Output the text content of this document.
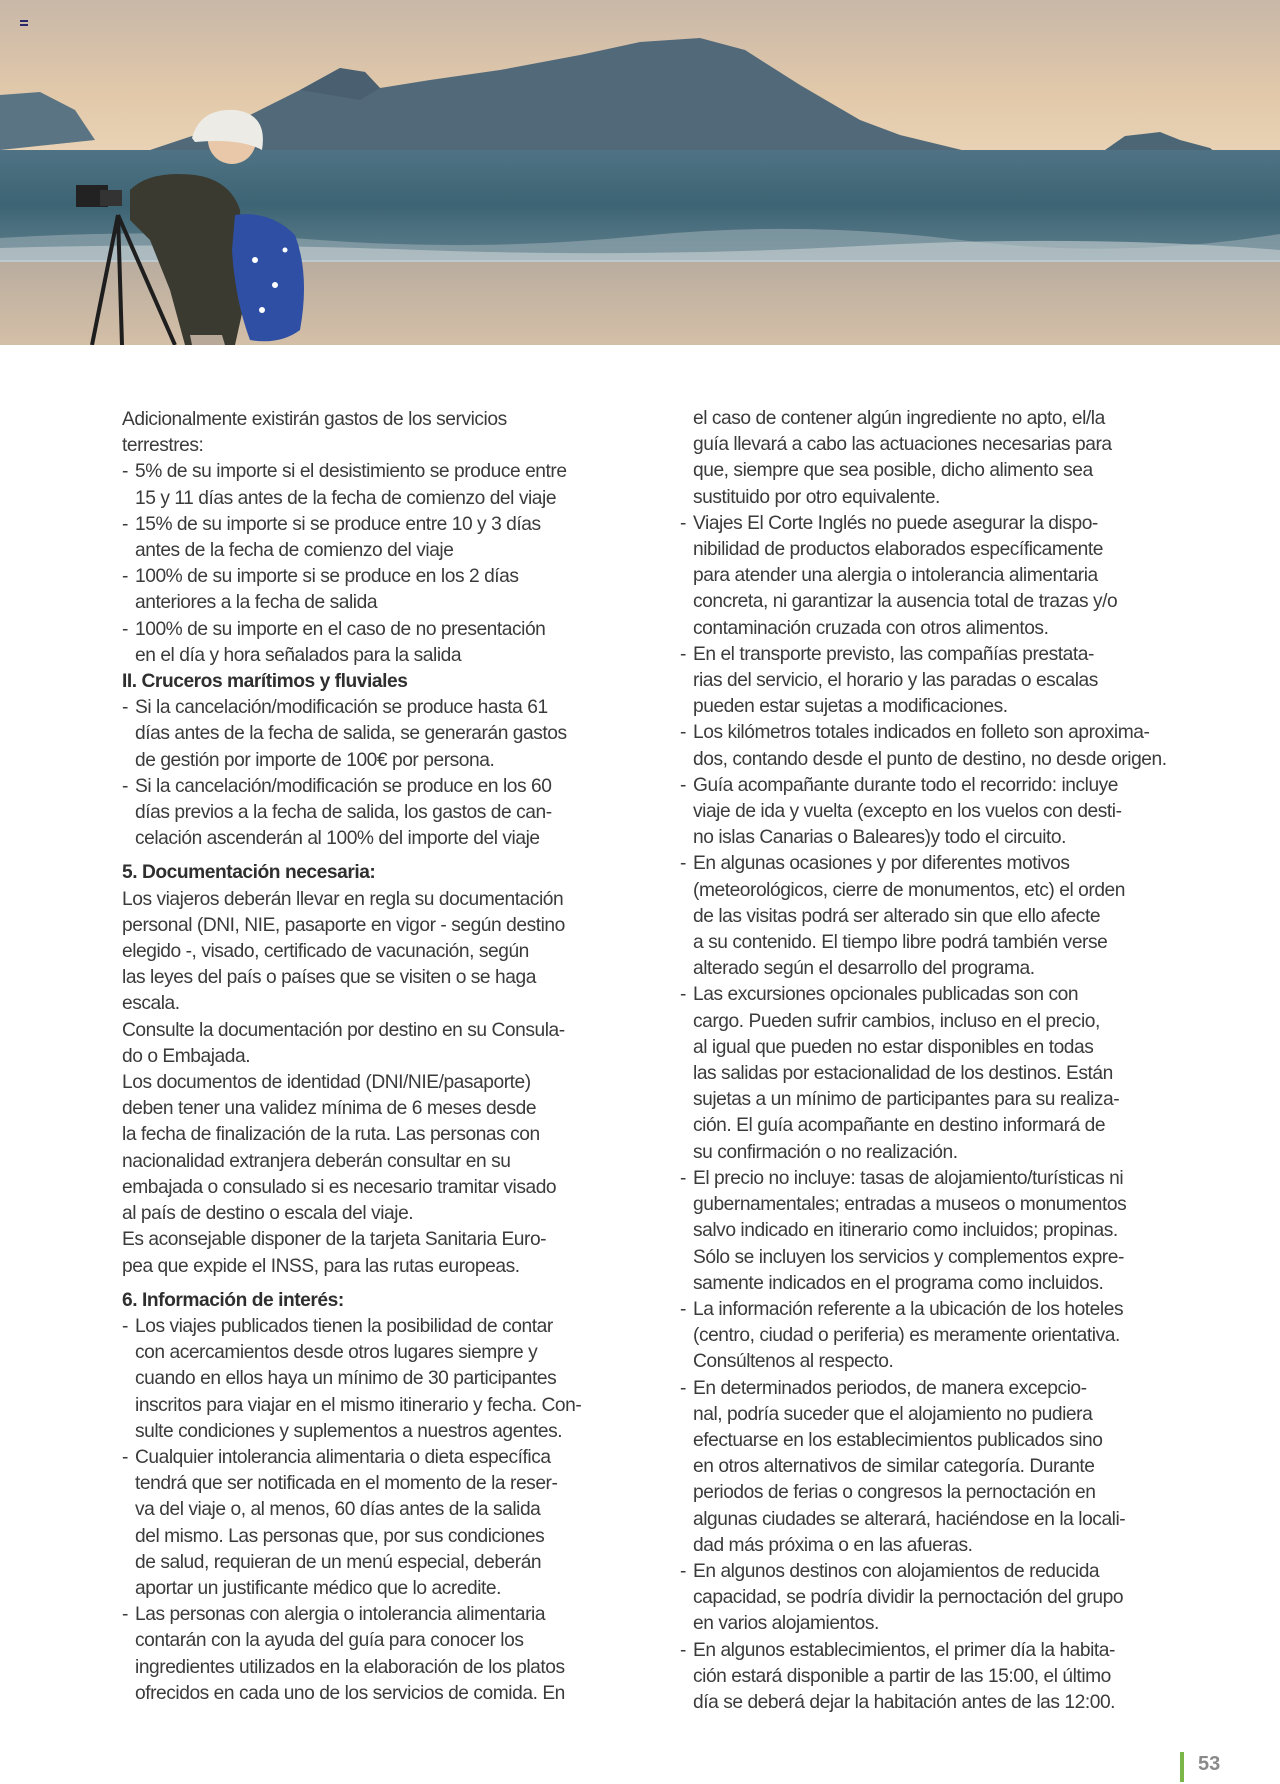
Adicionalmente existirán gastos de los servicios
terrestres:

- 5% de su importe si el desistimiento se produce entre
15 y 11 días antes de la fecha de comienzo del viaje
- 15% de su importe si se produce entre 10 y 3 días
antes de la fecha de comienzo del viaje
- 100% de su importe si se produce en los 2 días
anteriores a la fecha de salida
- 100% de su importe en el caso de no presentación
en el día y hora señalados para la salida
II. Cruceros marítimos y fluviales
- Si la cancelación/modificación se produce hasta 61
días antes de la fecha de salida, se generarán gastos
de gestión por importe de 100€ por persona.
- Si la cancelación/modificación se produce en los 60
días previos a la fecha de salida, los gastos de can-
celación ascenderán al 100% del importe del viaje
5. Documentación necesaria:

Los viajeros deberán llevar en regla su documentación
personal (DNI, NIE, pasaporte en vigor - según destino
elegido -, visado, certificado de vacunación, según
las leyes del país o países que se visiten o se haga
escala.

Consulte la documentación por destino en su Consula-
do o Embajada.

Los documentos de identidad (DNI/NIE/pasaporte)
deben tener una validez mínima de 6 meses desde
la fecha de finalización de la ruta. Las personas con
nacionalidad extranjera deberán consultar en su
embajada o consulado si es necesario tramitar visado
al país de destino o escala del viaje.

Es aconsejable disponer de la tarjeta Sanitaria Euro-
pea que expide el INSS, para las rutas europeas.

6. Información de interés:
- Los viajes publicados tienen la posibilidad de contar
con acercamientos desde otros lugares siempre y
cuando en ellos haya un mínimo de 30 participantes
inscritos para viajar en el mismo itinerario y fecha. Con-
sulte condiciones y suplementos a nuestros agentes.
- Cualquier intolerancia alimentaria o dieta específica
tendrá que ser notificada en el momento de la reser-
va del viaje o, al menos, 60 días antes de la salida
del mismo. Las personas que, por sus condiciones
de salud, requieran de un menú especial, deberán
aportar un justificante médico que lo acredite.
- Las personas con alergia o intolerancia alimentaria
contarán con la ayuda del guía para conocer los
ingredientes utilizados en la elaboración de los platos
ofrecidos en cada uno de los servicios de comida. En

el caso de contener algún ingrediente no apto, el/la
guía llevará a cabo las actuaciones necesarias para
que, siempre que sea posible, dicho alimento sea
sustituido por otro equivalente.

- Viajes El Corte Inglés no puede asegurar la dispo-
nibilidad de productos elaborados específicamente
para atender una alergia o intolerancia alimentaria
concreta, ni garantizar la ausencia total de trazas y/o
contaminación cruzada con otros alimentos.
- En el transporte previsto, las compañías prestata-
rias del servicio, el horario y las paradas o escalas
pueden estar sujetas a modificaciones.
- Los kilómetros totales indicados en folleto son aproxima-
dos, contando desde el punto de destino, no desde origen.
- Guía acompañante durante todo el recorrido: incluye
viaje de ida y vuelta (excepto en los vuelos con desti-
no islas Canarias o Baleares)y todo el circuito.
- En algunas ocasiones y por diferentes motivos
(meteorológicos, cierre de monumentos, etc) el orden
de las visitas podrá ser alterado sin que ello afecte
a su contenido. El tiempo libre podrá también verse
alterado según el desarrollo del programa.
- Las excursiones opcionales publicadas son con
cargo. Pueden sufrir cambios, incluso en el precio,
al igual que pueden no estar disponibles en todas
las salidas por estacionalidad de los destinos. Están
sujetas a un mínimo de participantes para su realiza-
ción. El guía acompañante en destino informará de
su confirmación o no realización.
- El precio no incluye: tasas de alojamiento/turísticas ni
gubernamentales; entradas a museos o monumentos
salvo indicado en itinerario como incluidos; propinas.
Sólo se incluyen los servicios y complementos expre-
samente indicados en el programa como incluidos.
- La información referente a la ubicación de los hoteles
(centro, ciudad o periferia) es meramente orientativa.
Consúltenos al respecto.
- En determinados periodos, de manera excepcio-
nal, podría suceder que el alojamiento no pudiera
efectuarse en los establecimientos publicados sino
en otros alternativos de similar categoría. Durante
periodos de ferias o congresos la pernoctación en
algunas ciudades se alterará, haciéndose en la locali-
dad más próxima o en las afueras.
- En algunos destinos con alojamientos de reducida
capacidad, se podría dividir la pernoctación del grupo
en varios alojamientos.
- En algunos establecimientos, el primer día la habita-
ción estará disponible a partir de las 15:00, el último
día se deberá dejar la habitación antes de las 12:00.
53
